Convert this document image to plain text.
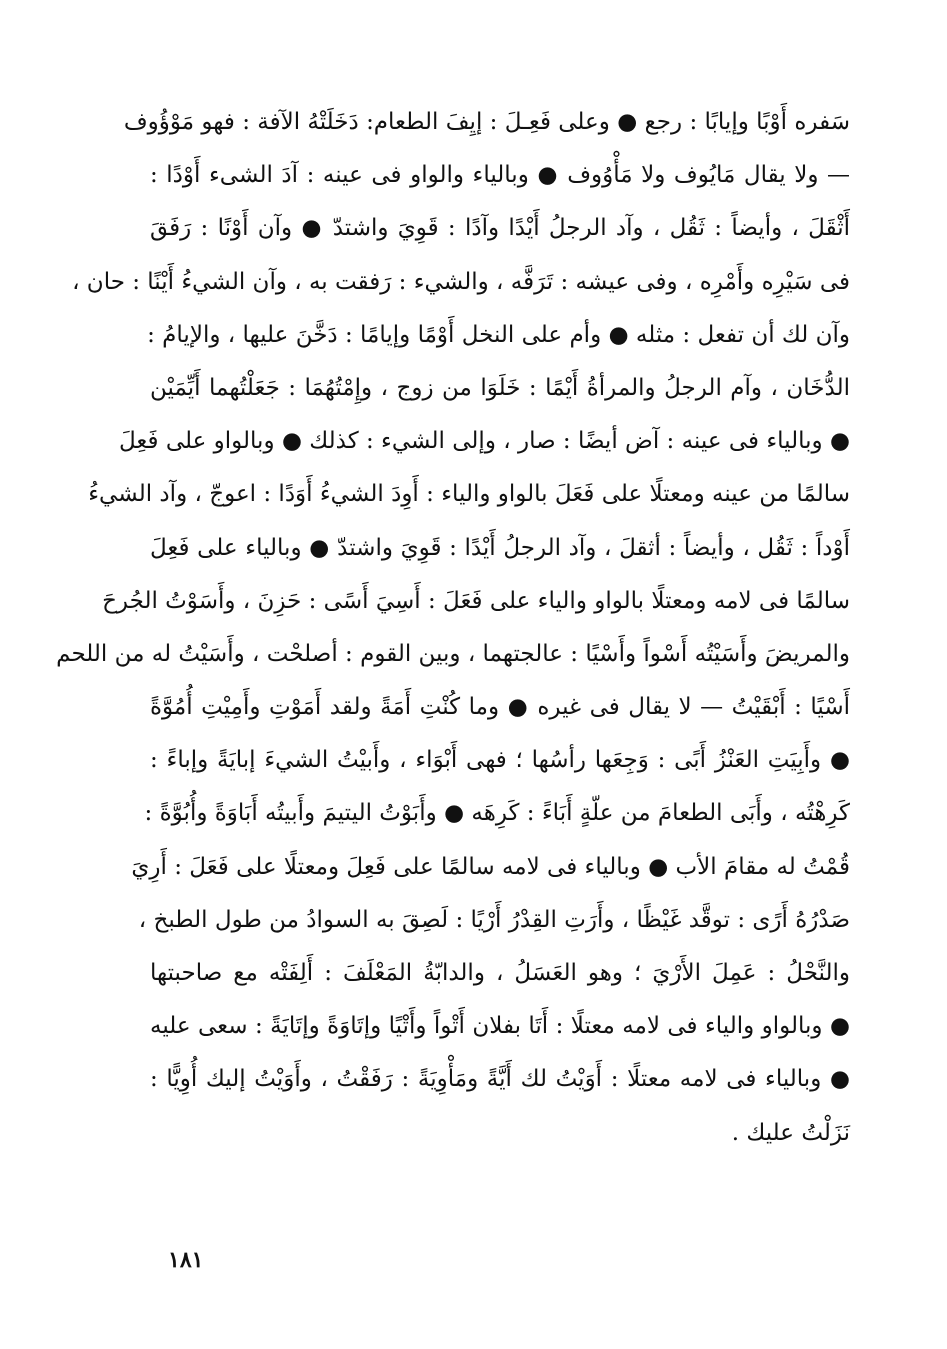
سَفره أَوْبًا وإيابًا : رجع ● وعلى فَعِـلَ : إيِفَ الطعام: دَخَلَتْهُ الآفة : فهو مَوْؤُوف
— ولا يقال مَايُوف ولا مَأْوُوف ● وبالياء والواو فى عينه : آدَ الشىء أَوْدًا :
أَثْقَلَ ، وأيضاً : ثَقُل ، وآد الرجلُ أَيْدًا وآدًا : قَوِيَ واشتدّ ● وآن أَوْنًا : رَفَقَ
فى سَيْرِه وأَمْرِه ، وفى عيشه : تَرَفَّه ، والشيء : رَفقت به ، وآن الشيءُ أَيْنًا : حان ،
وآن لك أن تفعل : مثله ● وأم على النخل أَوْمًا وإيامًا : دَخَّنَ عليها ، والإيامُ :
الدُّخَان ، وآم الرجلُ والمرأةُ أَيْمًا : خَلَوَا من زوج ، وإِمْتُهُمَا : جَعَلْتُهما أَيِّمَيْن
● وبالياء فى عينه : آض أيضًا : صار ، وإلى الشيء : كذلك ● وبالواو على فَعِلَ
سالمًا من عينه ومعتلًا على فَعَلَ بالواو والياء : أَوِدَ الشيءُ أَوَدًا : اعوجّ ، وآد الشيءُ
أَوْداً : ثَقُل ، وأيضاً : أثقلَ ، وآد الرجلُ أَيْدًا : قَوِيَ واشتدّ ● وبالياء على فَعِلَ
سالمًا فى لامه ومعتلًا بالواو والياء على فَعَلَ : أَسِيَ أَسًى : حَزِنَ ، وأَسَوْتُ الجُرحَ
والمريضَ وأَسَيْتُه أَسْواً وأَسْيًا : عالجتهما ، وبين القوم : أصلحْت ، وأَسَيْتُ له من اللحم
أَسْيًا : أَبْقَيْتُ — لا يقال فى غيره ● وما كُنْتِ أَمَةً ولقد أَمَوْتِ وأَمِيْتِ أُمُوَّةً
● وأَبِيَتِ العَنْزُ أَبًى : وَجِعَها رأسُها ؛ فهى أَبْوَاء ، وأَبيْتُ الشيءَ إبايَةً وإباءً :
كَرِهْتُه ، وأَبَى الطعامَ من علّةٍ أَبَاءً : كَرِهَه ● وأَبَوْتُ اليتيمَ وأَبيتُه أَبَاوَةً وأُبُوَّةً :
قُمْتُ له مقامَ الأب ● وبالياء فى لامه سالمًا على فَعِلَ ومعتلًا على فَعَلَ : أَرِيَ
صَدْرُهُ أَرًى : توقَّد غَيْظًا ، وأَرَتِ القِدْرُ أَرْيًا : لَصِقَ به السوادُ من طول الطبخ ،
والنَّحْلُ : عَمِلَ الأَرْيَ ؛ وهو العَسَلُ ، والدابّةُ المَعْلَفَ : أَلِفَتْه مع صاحبتها
● وبالواو والياء فى لامه معتلًا : أَتَا بفلان أَتْواً وأَتْيًا وإتَاوَةً وإتَايَةً : سعى عليه
● وبالياء فى لامه معتلًا : أَوَيْتُ لك أَيَّةً ومَأْوِيَةً : رَفَقْتُ ، وأَوَيْتُ إليك أُوِيًّا :
نَزَلْتُ عليك .
١٨١
